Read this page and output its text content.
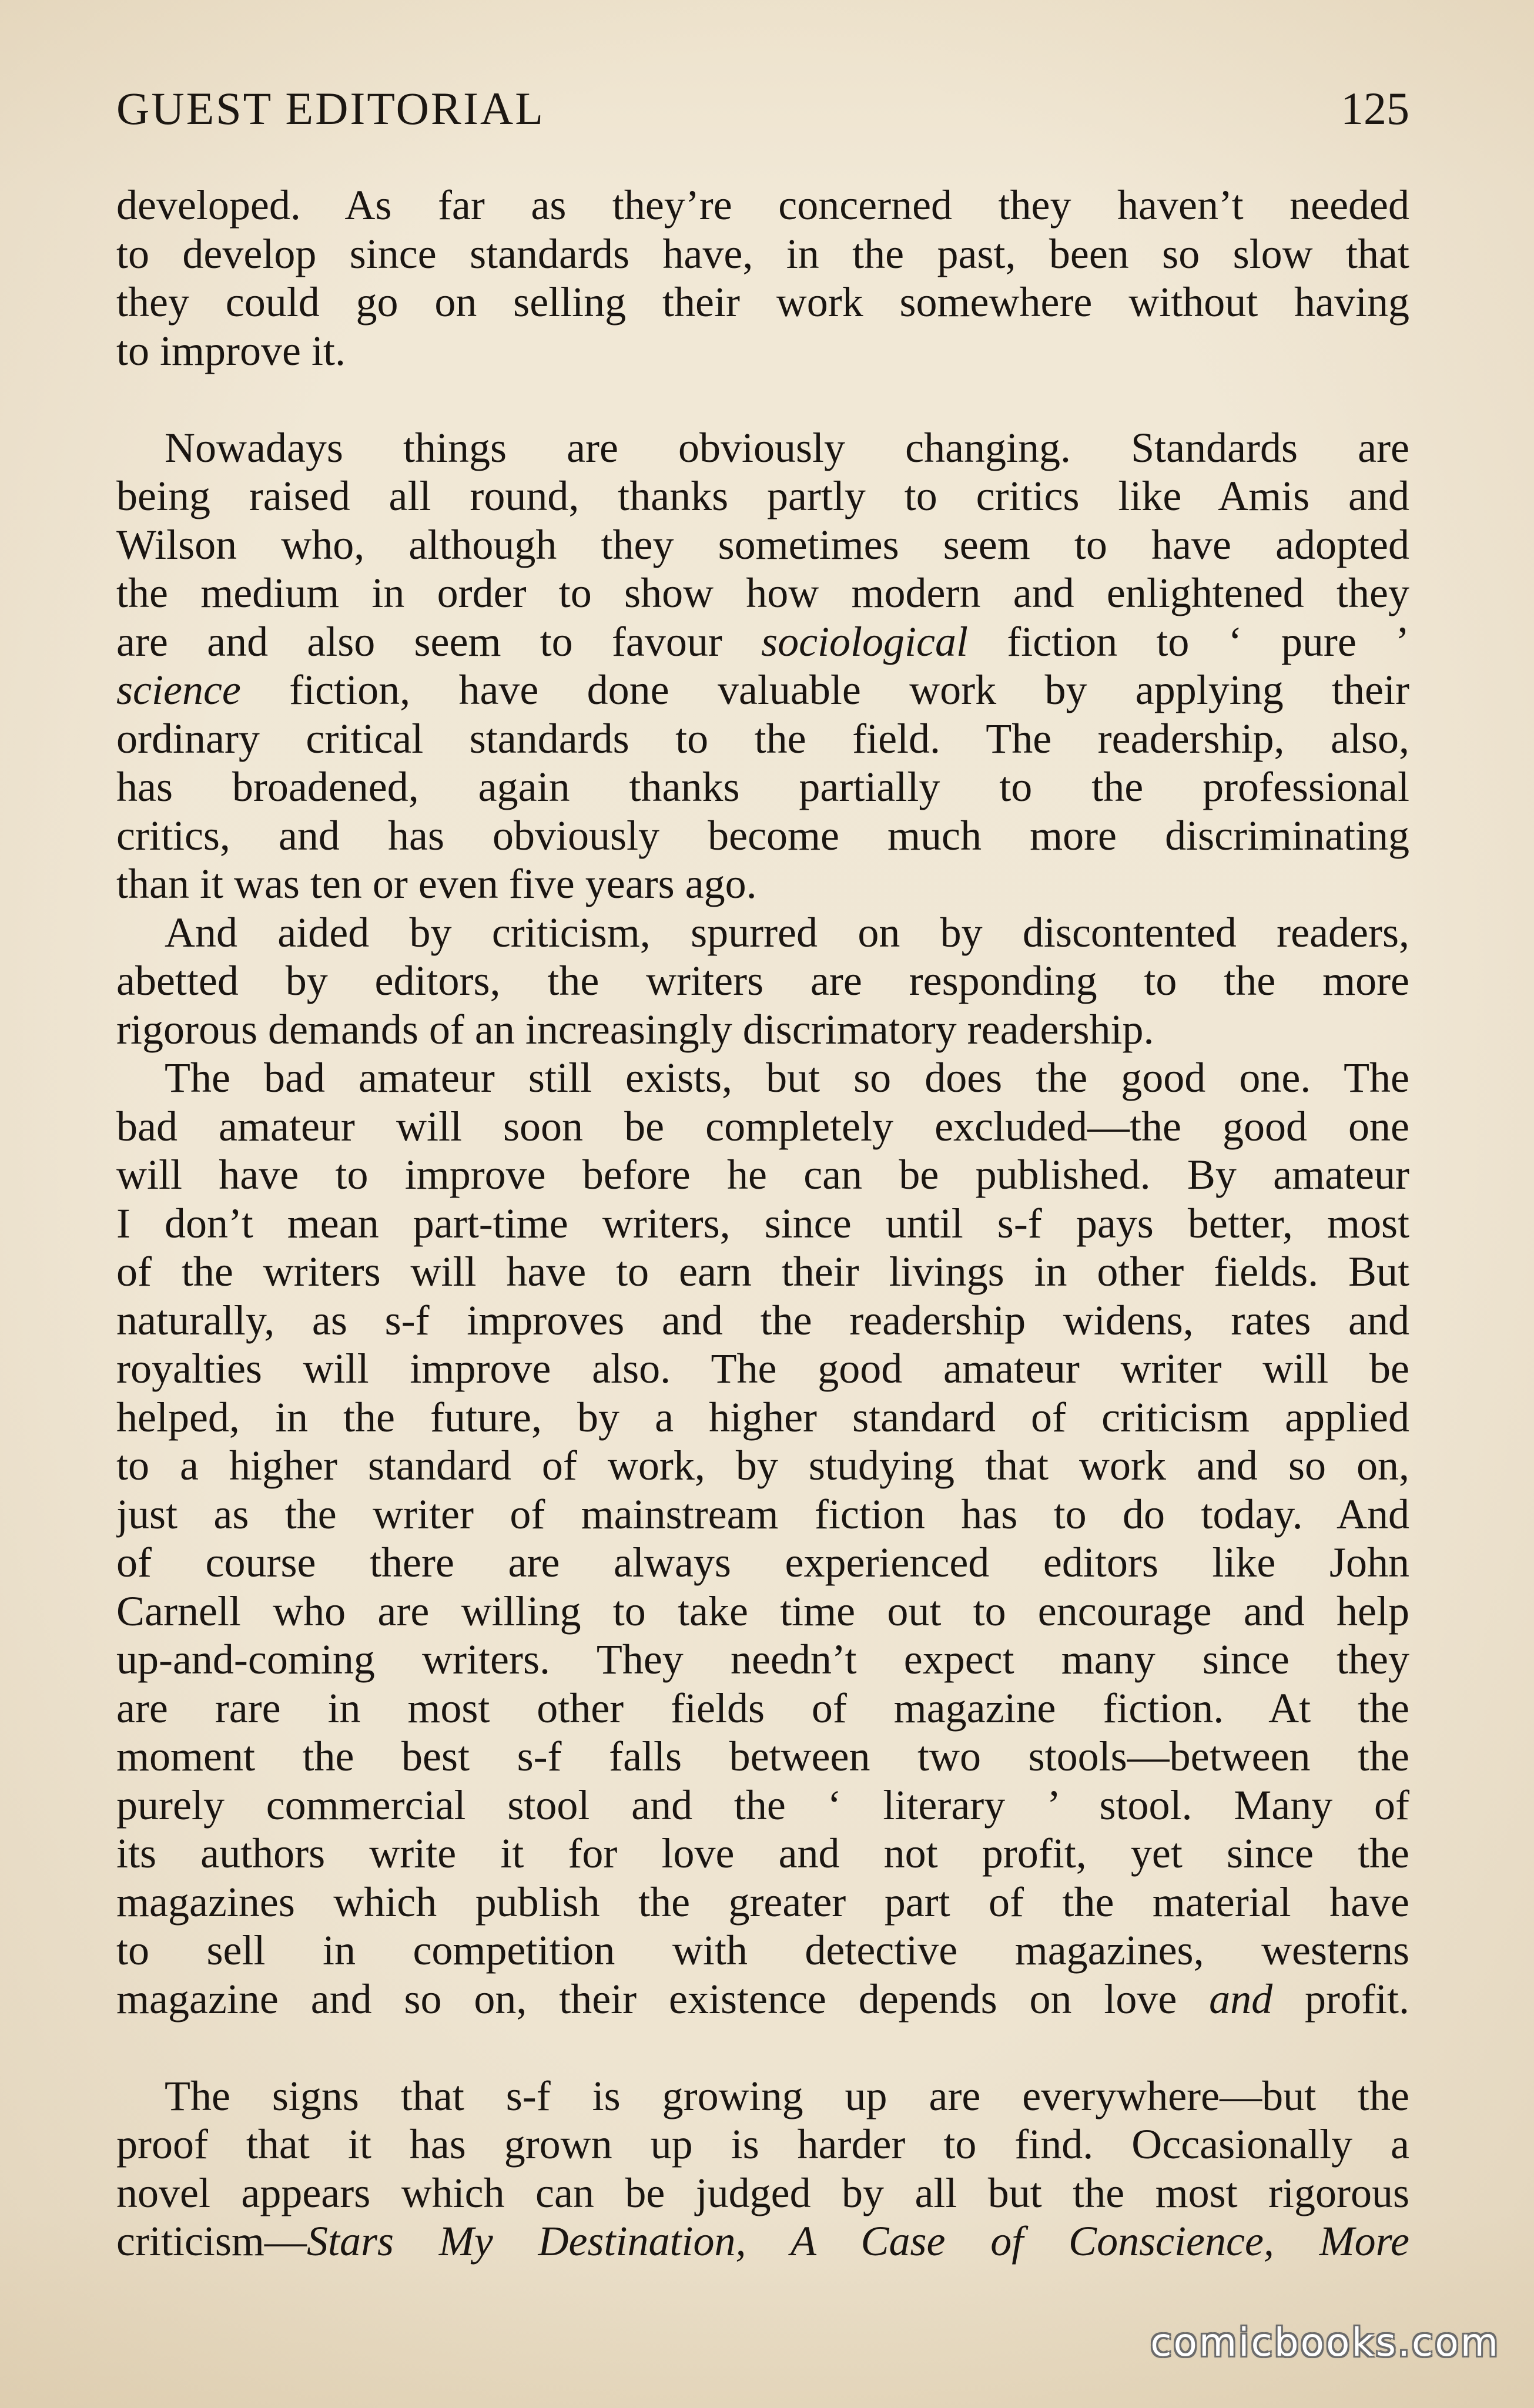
GUEST EDITORIAL	125
developed. As far as they’re concerned they haven’t needed
to develop since standards have, in the past, been so slow that
they could go on selling their work somewhere without having
to improve it.
Nowadays things are obviously changing. Standards are
being raised all round, thanks partly to critics like Amis and
Wilson who, although they sometimes seem to have adopted
the medium in order to show how modern and enlightened they
are and also seem to favour sociological fiction to ‘ pure ’
science fiction, have done valuable work by applying their
ordinary critical standards to the field. The readership, also,
has broadened, again thanks partially to the professional
critics, and has obviously become much more discriminating
than it was ten or even five years ago.
And aided by criticism, spurred on by discontented readers,
abetted by editors, the writers are responding to the more
rigorous demands of an increasingly discrimatory readership.
The bad amateur still exists, but so does the good one. The
bad amateur will soon be completely excluded—the good one
will have to improve before he can be published. By amateur
I don’t mean part-time writers, since until s-f pays better, most
of the writers will have to earn their livings in other fields. But
naturally, as s-f improves and the readership widens, rates and
royalties will improve also. The good amateur writer will be
helped, in the future, by a higher standard of criticism applied
to a higher standard of work, by studying that work and so on,
just as the writer of mainstream fiction has to do today. And
of course there are always experienced editors like John
Carnell who are willing to take time out to encourage and help
up-and-coming writers. They needn’t expect many since they
are rare in most other fields of magazine fiction. At the
moment the best s-f falls between two stools—between the
purely commercial stool and the ‘ literary ’ stool. Many of
its authors write it for love and not profit, yet since the
magazines which publish the greater part of the material have
to sell in competition with detective magazines, westerns
magazine and so on, their existence depends on love and profit.
The signs that s-f is growing up are everywhere—but the
proof that it has grown up is harder to find. Occasionally a
novel appears which can be judged by all but the most rigorous
criticism—Stars My Destination, A Case of Conscience, More
comicbooks.com
